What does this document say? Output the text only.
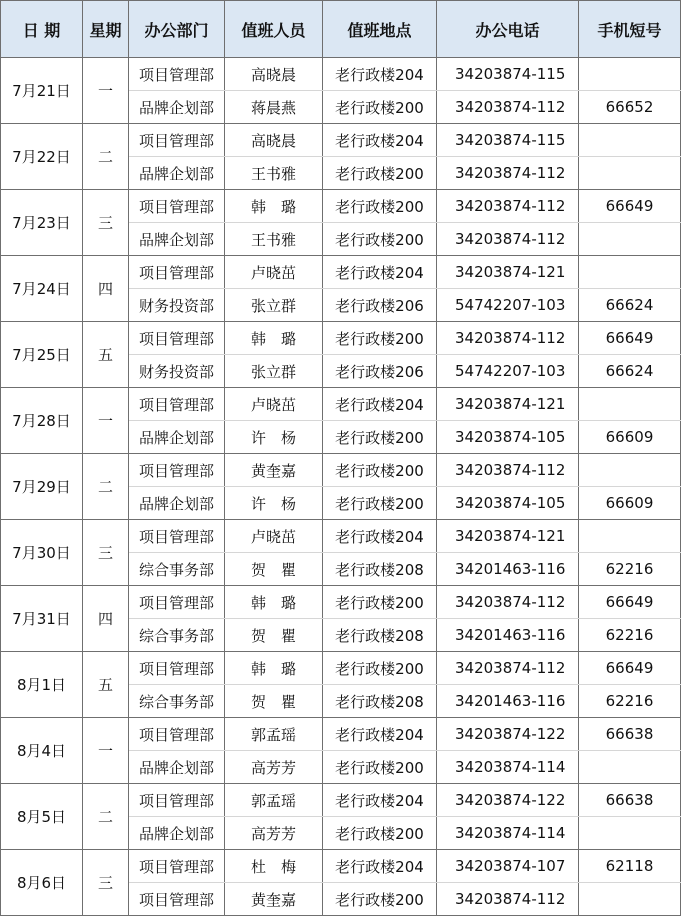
日 期	星期	办公部门	值班人员	值班地点	办公电话	手机短号
7月21日	一	项目管理部	高晓晨	老行政楼204	34203874-115	
		品牌企划部	蒋晨燕	老行政楼200	34203874-112	66652
7月22日	二	项目管理部	高晓晨	老行政楼204	34203874-115	
		品牌企划部	王书雅	老行政楼200	34203874-112	
7月23日	三	项目管理部	韩　璐	老行政楼200	34203874-112	66649
		品牌企划部	王书雅	老行政楼200	34203874-112	
7月24日	四	项目管理部	卢晓茁	老行政楼204	34203874-121	
		财务投资部	张立群	老行政楼206	54742207-103	66624
7月25日	五	项目管理部	韩　璐	老行政楼200	34203874-112	66649
		财务投资部	张立群	老行政楼206	54742207-103	66624
7月28日	一	项目管理部	卢晓茁	老行政楼204	34203874-121	
		品牌企划部	许　杨	老行政楼200	34203874-105	66609
7月29日	二	项目管理部	黄奎嘉	老行政楼200	34203874-112	
		品牌企划部	许　杨	老行政楼200	34203874-105	66609
7月30日	三	项目管理部	卢晓茁	老行政楼204	34203874-121	
		综合事务部	贺　瞿	老行政楼208	34201463-116	62216
7月31日	四	项目管理部	韩　璐	老行政楼200	34203874-112	66649
		综合事务部	贺　瞿	老行政楼208	34201463-116	62216
8月1日	五	项目管理部	韩　璐	老行政楼200	34203874-112	66649
		综合事务部	贺　瞿	老行政楼208	34201463-116	62216
8月4日	一	项目管理部	郭孟瑶	老行政楼204	34203874-122	66638
		品牌企划部	高芳芳	老行政楼200	34203874-114	
8月5日	二	项目管理部	郭孟瑶	老行政楼204	34203874-122	66638
		品牌企划部	高芳芳	老行政楼200	34203874-114	
8月6日	三	项目管理部	杜　梅	老行政楼204	34203874-107	62118
		项目管理部	黄奎嘉	老行政楼200	34203874-112	
